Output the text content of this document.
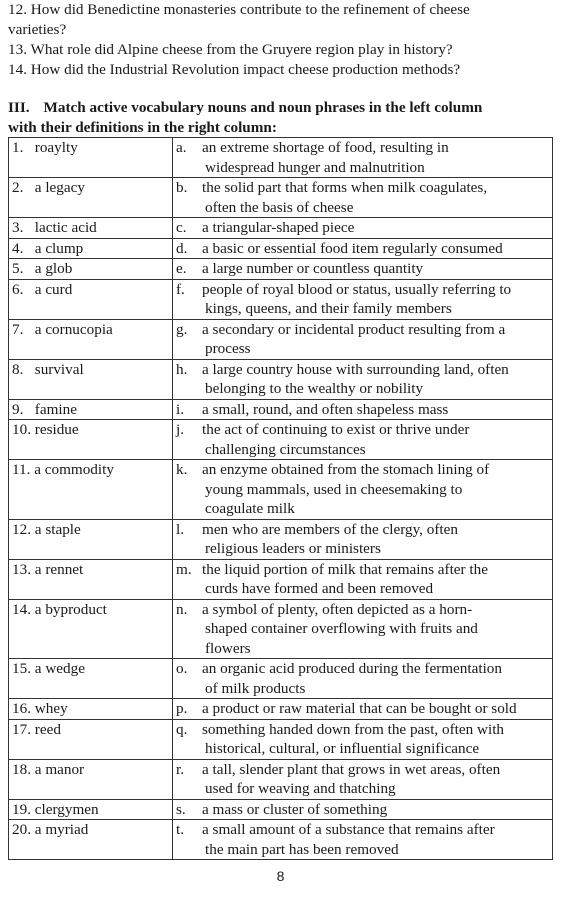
12. How did Benedictine monasteries contribute to the refinement of cheese

varieties?

13. What role did Alpine cheese from the Gruyere region play in history?

14. How did the Industrial Revolution impact cheese production methods?

III. Match active vocabulary nouns and noun phrases in the left column
with their definitions in the right column:
1.   roaylty	a. an extreme shortage of food, resulting in
widespread hunger and malnutrition

2.   a legacy	b. the solid part that forms when milk coagulates,
often the basis of cheese

3.   lactic acid	c. a triangular-shaped piece

4.   a clump	d. a basic or essential food item regularly consumed

5.   a glob	e. a large number or countless quantity

6.   a curd	f. people of royal blood or status, usually referring to
kings, queens, and their family members

7.   a cornucopia	g. a secondary or incidental product resulting from a
process

8.   survival	h. a large country house with surrounding land, often
belonging to the wealthy or nobility

9.   famine	i. a small, round, and often shapeless mass

10. residue	j. the act of continuing to exist or thrive under
challenging circumstances

11. a commodity	k. an enzyme obtained from the stomach lining of
young mammals, used in cheesemaking to
coagulate milk

12. a staple	l. men who are members of the clergy, often
religious leaders or ministers

13. a rennet	m. the liquid portion of milk that remains after the
curds have formed and been removed

14. a byproduct	n. a symbol of plenty, often depicted as a horn-
shaped container overflowing with fruits and
flowers

15. a wedge	o. an organic acid produced during the fermentation
of milk products

16. whey	p. a product or raw material that can be bought or sold

17. reed	q. something handed down from the past, often with
historical, cultural, or influential significance

18. a manor	r. a tall, slender plant that grows in wet areas, often
used for weaving and thatching

19. clergymen	s. a mass or cluster of something

20. a myriad	t. a small amount of a substance that remains after
the main part has been removed
8
